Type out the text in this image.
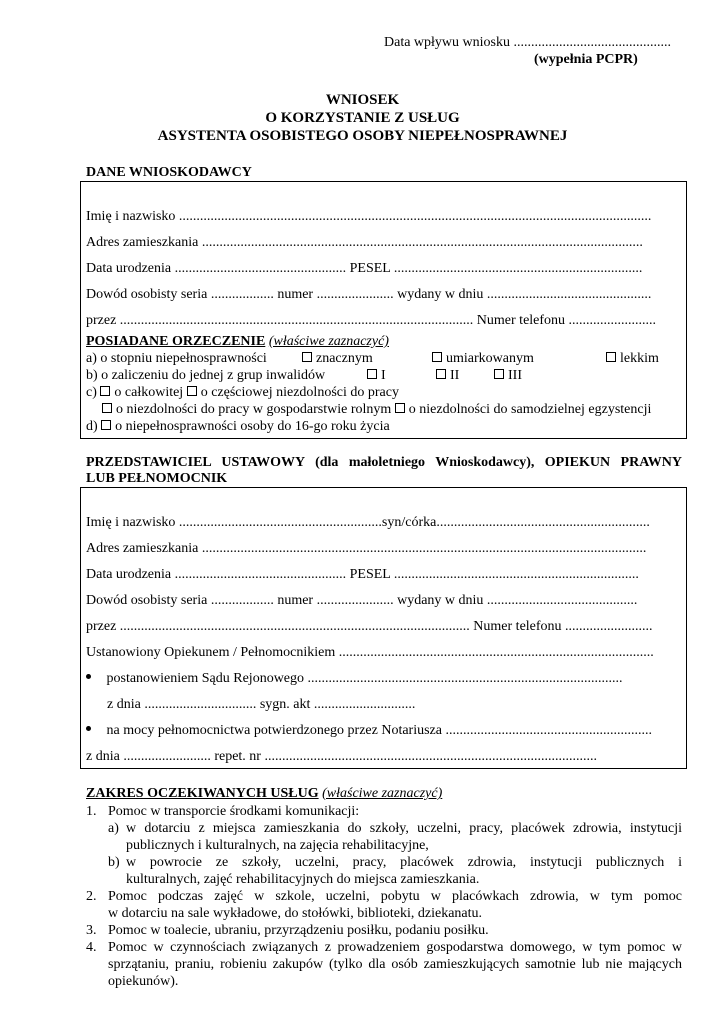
Data wpływu wniosku .............................................
(wypełnia PCPR)
WNIOSEK
O KORZYSTANIE Z USŁUG
ASYSTENTA OSOBISTEGO OSOBY NIEPEŁNOSPRAWNEJ
DANE WNIOSKODAWCY
Imię i nazwisko .......................................................................................................................................
Adres zamieszkania ..............................................................................................................................
Data urodzenia ................................................. PESEL .......................................................................
Dowód osobisty seria .................. numer ...................... wydany w dniu ...............................................
przez ..................................................................................................... Numer telefonu .........................
POSIADANE ORZECZENIE (właściwe zaznaczyć)
a) o stopniu niepełnosprawności	znacznym	umiarkowanym	lekkim
b) o zaliczeniu do jednej z grup inwalidów	I	II	III
c) o całkowitej o częściowej niezdolności do pracy
o niezdolności do pracy w gospodarstwie rolnym o niezdolności do samodzielnej egzystencji
d) o niepełnosprawności osoby do 16-go roku życia
PRZEDSTAWICIEL USTAWOWY (dla małoletniego Wnioskodawcy), OPIEKUN PRAWNY
LUB PEŁNOMOCNIK
Imię i nazwisko ..........................................................syn/córka.............................................................
Adres zamieszkania ...............................................................................................................................
Data urodzenia ................................................. PESEL ......................................................................
Dowód osobisty seria .................. numer ...................... wydany w dniu ...........................................
przez .................................................................................................... Numer telefonu .........................
Ustanowiony Opiekunem / Pełnomocnikiem ..........................................................................................
postanowieniem Sądu Rejonowego ..........................................................................................
z dnia ................................ sygn. akt .............................
na mocy pełnomocnictwa potwierdzonego przez Notariusza ...........................................................
z dnia ......................... repet. nr ...............................................................................................
ZAKRES OCZEKIWANYCH USŁUG (właściwe zaznaczyć)
1. Pomoc w transporcie środkami komunikacji:
a) w dotarciu z miejsca zamieszkania do szkoły, uczelni, pracy, placówek zdrowia, instytucji
publicznych i kulturalnych, na zajęcia rehabilitacyjne,
b) w powrocie ze szkoły, uczelni, pracy, placówek zdrowia, instytucji publicznych i
kulturalnych, zajęć rehabilitacyjnych do miejsca zamieszkania.
2. Pomoc podczas zajęć w szkole, uczelni, pobytu w placówkach zdrowia, w tym pomoc
w dotarciu na sale wykładowe, do stołówki, biblioteki, dziekanatu.
3. Pomoc w toalecie, ubraniu, przyrządzeniu posiłku, podaniu posiłku.
4. Pomoc w czynnościach związanych z prowadzeniem gospodarstwa domowego, w tym pomoc w
sprzątaniu, praniu, robieniu zakupów (tylko dla osób zamieszkujących samotnie lub nie mających
opiekunów).
